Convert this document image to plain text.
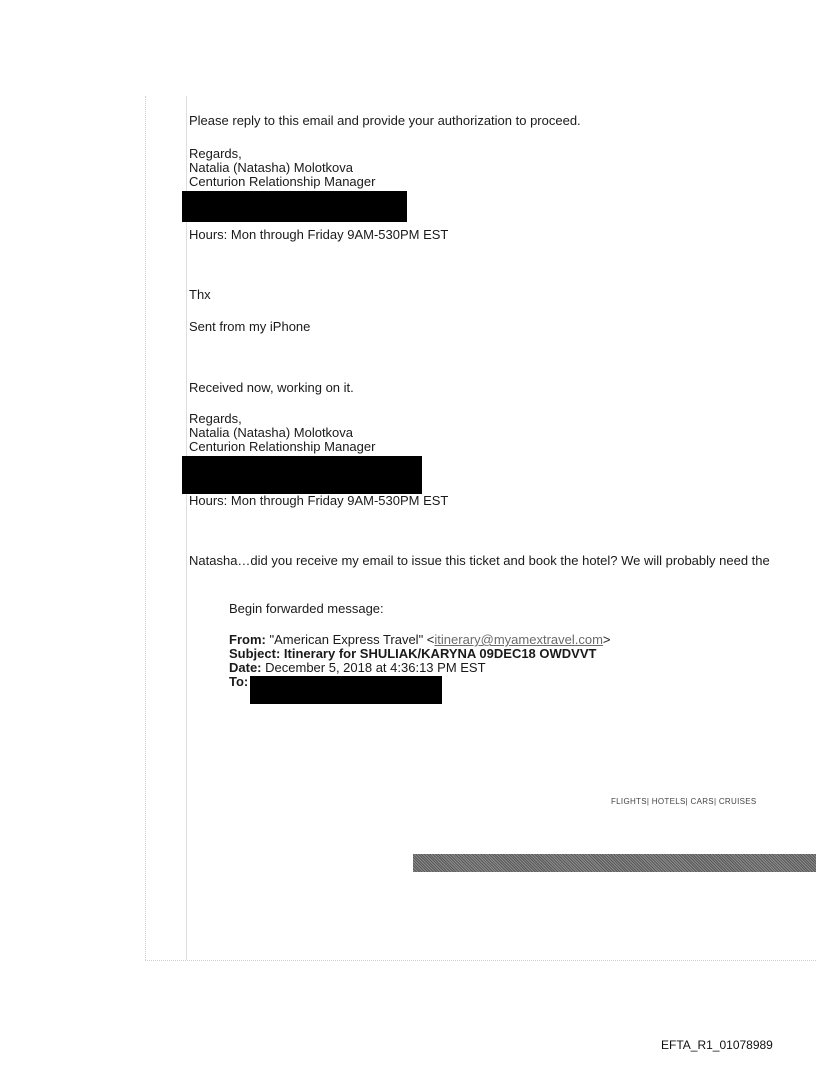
Please reply to this email and provide your authorization to proceed.

Regards,
Natalia (Natasha) Molotkova
Centurion Relationship Manager

Hours: Mon through Friday 9AM-530PM EST

Thx

Sent from my iPhone

Received now, working on it.

Regards,
Natalia (Natasha) Molotkova
Centurion Relationship Manager

Hours: Mon through Friday 9AM-530PM EST

Natasha…did you receive my email to issue this ticket and book the hotel? We will probably need the

Begin forwarded message:

From: "American Express Travel" <itinerary@myamextravel.com>
Subject: Itinerary for SHULIAK/KARYNA 09DEC18 OWDVVT
Date: December 5, 2018 at 4:36:13 PM EST
To:
FLIGHTS| HOTELS| CARS| CRUISES
EFTA_R1_01078989
